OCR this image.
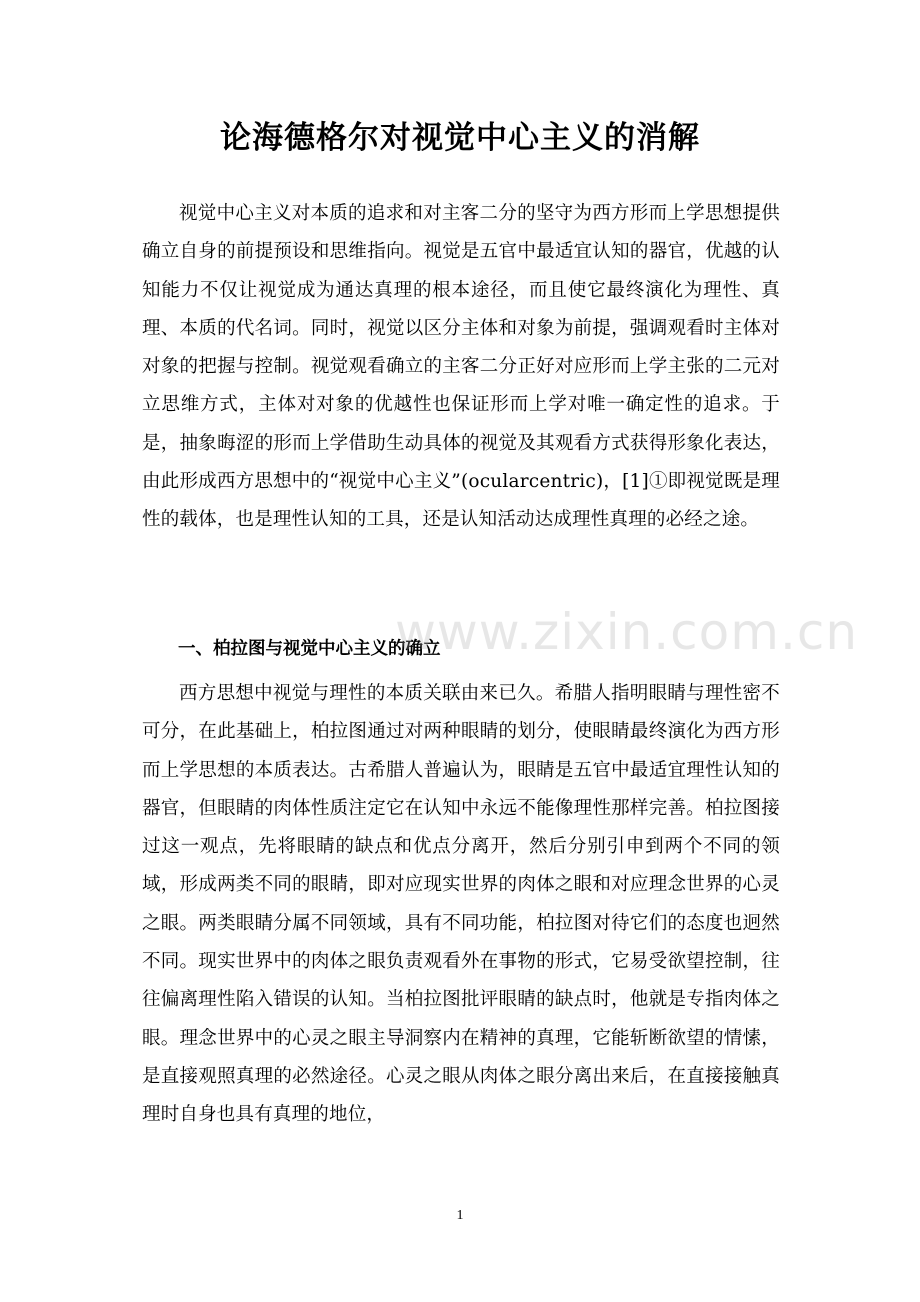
论海德格尔对视觉中心主义的消解

视觉中心主义对本质的追求和对主客二分的坚守为西方形而上学思想提供确立自身的前提预设和思维指向。视觉是五官中最适宜认知的器官，优越的认知能力不仅让视觉成为通达真理的根本途径，而且使它最终演化为理性、真理、本质的代名词。同时，视觉以区分主体和对象为前提，强调观看时主体对对象的把握与控制。视觉观看确立的主客二分正好对应形而上学主张的二元对立思维方式，主体对对象的优越性也保证形而上学对唯一确定性的追求。于是，抽象晦涩的形而上学借助生动具体的视觉及其观看方式获得形象化表达，由此形成西方思想中的“视觉中心主义”(ocularcentric)，[1]①即视觉既是理性的载体，也是理性认知的工具，还是认知活动达成理性真理的必经之途。

一、柏拉图与视觉中心主义的确立

西方思想中视觉与理性的本质关联由来已久。希腊人指明眼睛与理性密不可分，在此基础上，柏拉图通过对两种眼睛的划分，使眼睛最终演化为西方形而上学思想的本质表达。古希腊人普遍认为，眼睛是五官中最适宜理性认知的器官，但眼睛的肉体性质注定它在认知中永远不能像理性那样完善。柏拉图接过这一观点，先将眼睛的缺点和优点分离开，然后分别引申到两个不同的领域，形成两类不同的眼睛，即对应现实世界的肉体之眼和对应理念世界的心灵之眼。两类眼睛分属不同领域，具有不同功能，柏拉图对待它们的态度也迥然不同。现实世界中的肉体之眼负责观看外在事物的形式，它易受欲望控制，往往偏离理性陷入错误的认知。当柏拉图批评眼睛的缺点时，他就是专指肉体之眼。理念世界中的心灵之眼主导洞察内在精神的真理，它能斩断欲望的情愫，是直接观照真理的必然途径。心灵之眼从肉体之眼分离出来后，在直接接触真理时自身也具有真理的地位，

www.zixin.com.cn
1
